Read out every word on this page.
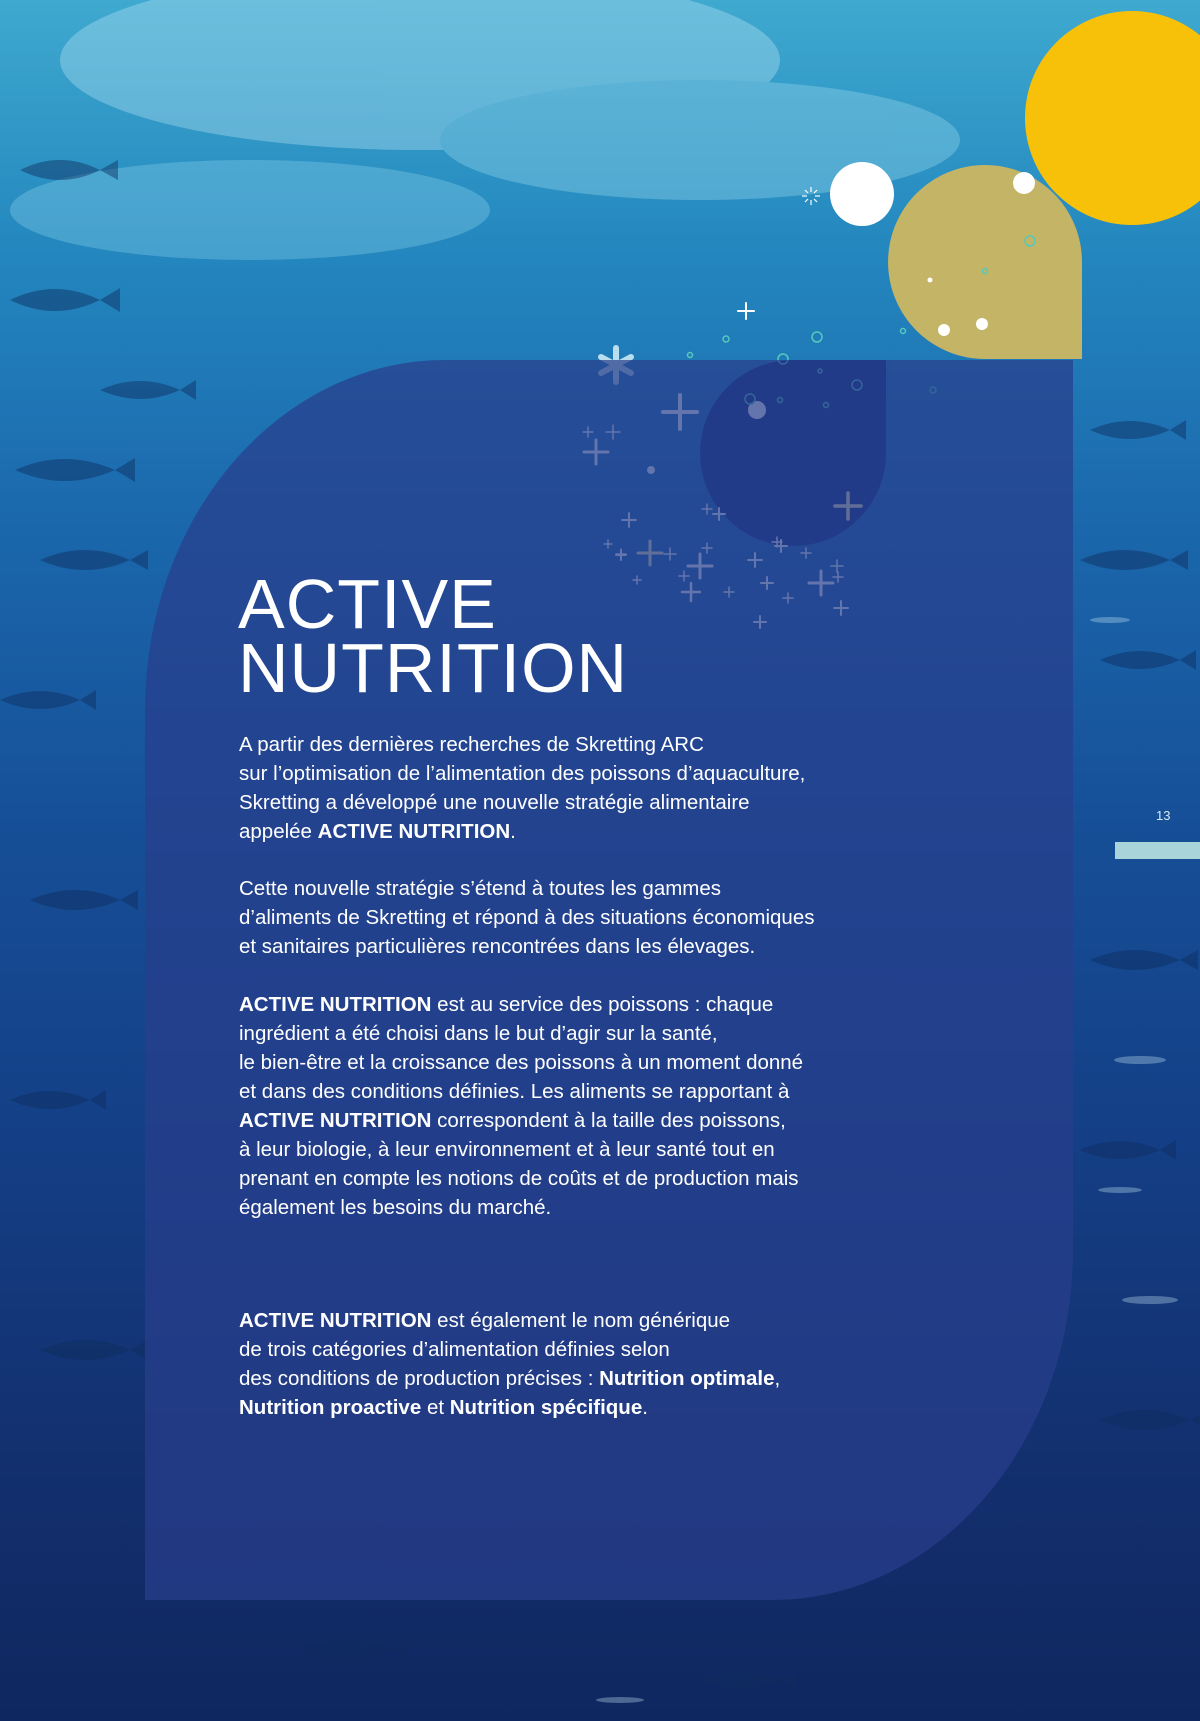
ACTIVE
NUTRITION

A partir des dernières recherches de Skretting ARC
sur l’optimisation de l’alimentation des poissons d’aquaculture,
Skretting a développé une nouvelle stratégie alimentaire
appelée ACTIVE NUTRITION.

Cette nouvelle stratégie s’étend à toutes les gammes
d’aliments de Skretting et répond à des situations économiques
et sanitaires particulières rencontrées dans les élevages.

ACTIVE NUTRITION est au service des poissons : chaque
ingrédient a été choisi dans le but d’agir sur la santé,
le bien-être et la croissance des poissons à un moment donné
et dans des conditions définies. Les aliments se rapportant à
ACTIVE NUTRITION correspondent à la taille des poissons,
à leur biologie, à leur environnement et à leur santé tout en
prenant en compte les notions de coûts et de production mais
également les besoins du marché.

ACTIVE NUTRITION est également le nom générique
de trois catégories d’alimentation définies selon
des conditions de production précises : Nutrition optimale,
Nutrition proactive et Nutrition spécifique.

13
